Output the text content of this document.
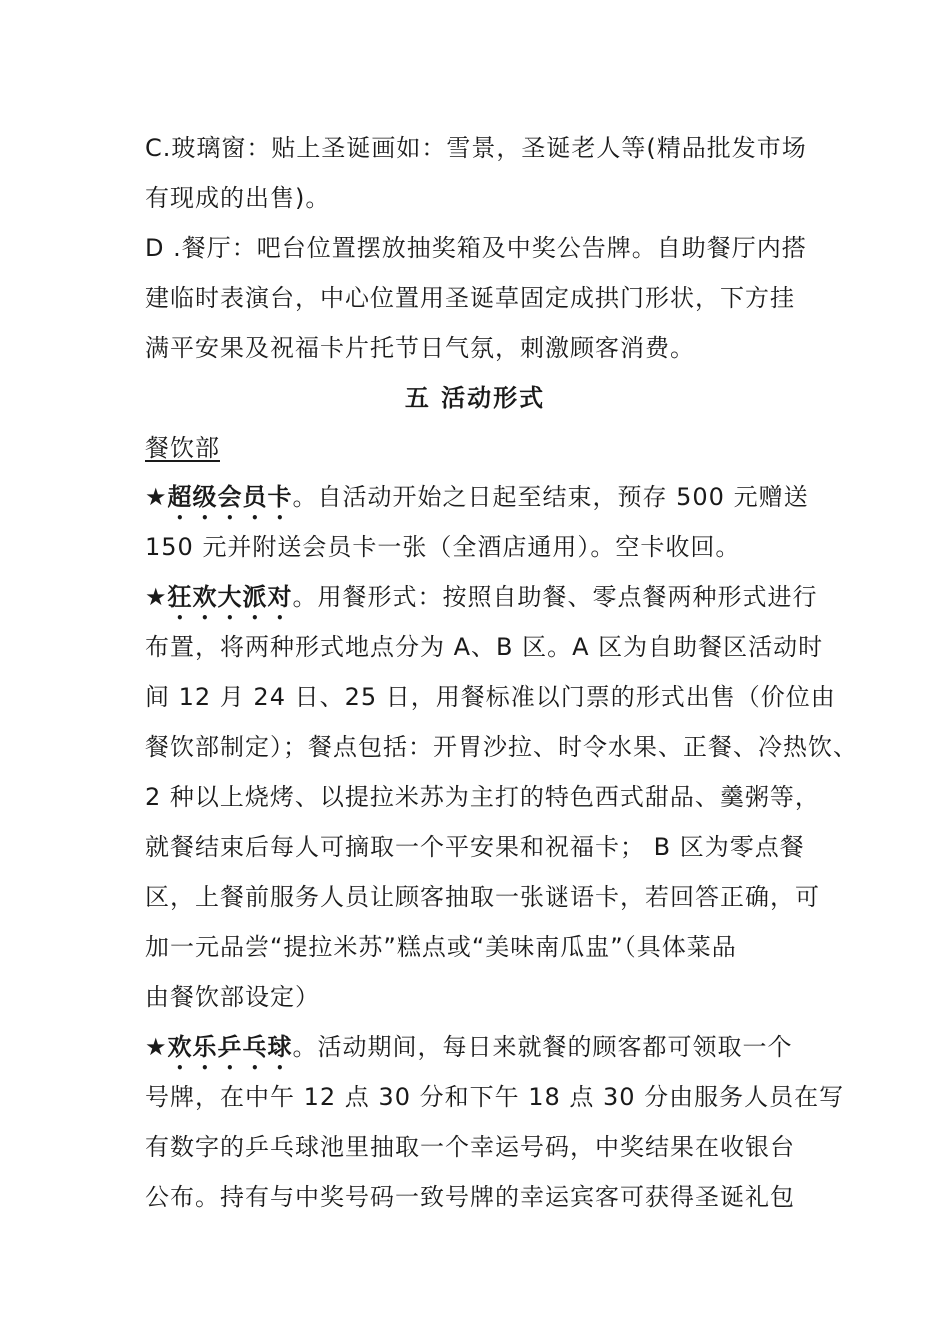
C.玻璃窗：贴上圣诞画如：雪景，圣诞老人等(精品批发市场
有现成的出售)。
D .餐厅：吧台位置摆放抽奖箱及中奖公告牌。自助餐厅内搭
建临时表演台，中心位置用圣诞草固定成拱门形状，下方挂
满平安果及祝福卡片托节日气氛，刺激顾客消费。
五 活动形式
餐饮部
★超级会员卡。自活动开始之日起至结束，预存 500 元赠送
150 元并附送会员卡一张（全酒店通用）。空卡收回。
★狂欢大派对。用餐形式：按照自助餐、零点餐两种形式进行
布置，将两种形式地点分为 A、B 区。A 区为自助餐区活动时
间 12 月 24 日、25 日，用餐标准以门票的形式出售（价位由
餐饮部制定）；餐点包括：开胃沙拉、时令水果、正餐、冷热饮、
2 种以上烧烤、以提拉米苏为主打的特色西式甜品、羹粥等，
就餐结束后每人可摘取一个平安果和祝福卡； B 区为零点餐
区，上餐前服务人员让顾客抽取一张谜语卡，若回答正确，可
加一元品尝“提拉米苏”糕点或“美味南瓜盅”（具体菜品
由餐饮部设定）
★欢乐乒乓球。活动期间，每日来就餐的顾客都可领取一个
号牌，在中午 12 点 30 分和下午 18 点 30 分由服务人员在写
有数字的乒乓球池里抽取一个幸运号码，中奖结果在收银台
公布。持有与中奖号码一致号牌的幸运宾客可获得圣诞礼包
